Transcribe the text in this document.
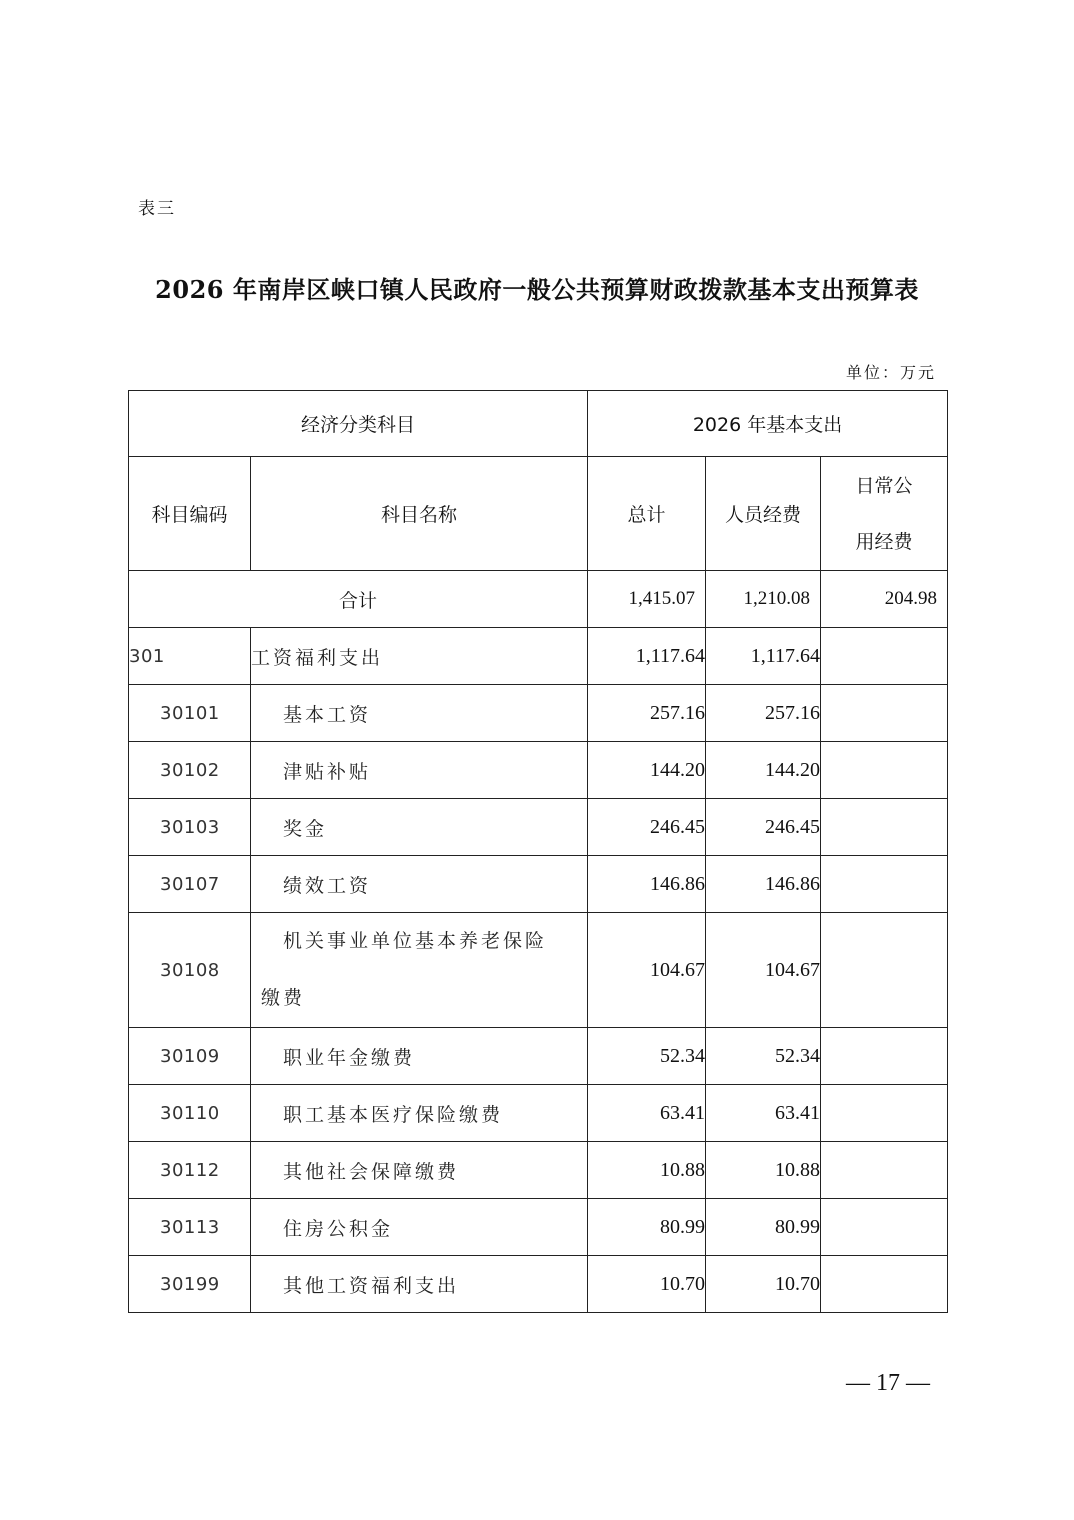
表三
2026 年南岸区峡口镇人民政府一般公共预算财政拨款基本支出预算表
单位：万元
经济分类科目		2026 年基本支出		
科目编码	科目名称	总计	人员经费	日常公用经费

合计		1,415.07	1,210.08	204.98
301	工资福利支出	1,117.64	1,117.64	
30101	基本工资	257.16	257.16	
30102	津贴补贴	144.20	144.20	
30103	奖金	246.45	246.45	
30107	绩效工资	146.86	146.86	
30108	机关事业单位基本养老保险缴费	104.67	104.67	
30109	职业年金缴费	52.34	52.34	
30110	职工基本医疗保险缴费	63.41	63.41	
30112	其他社会保障缴费	10.88	10.88	
30113	住房公积金	80.99	80.99	
30199	其他工资福利支出	10.70	10.70	
— 17 —
